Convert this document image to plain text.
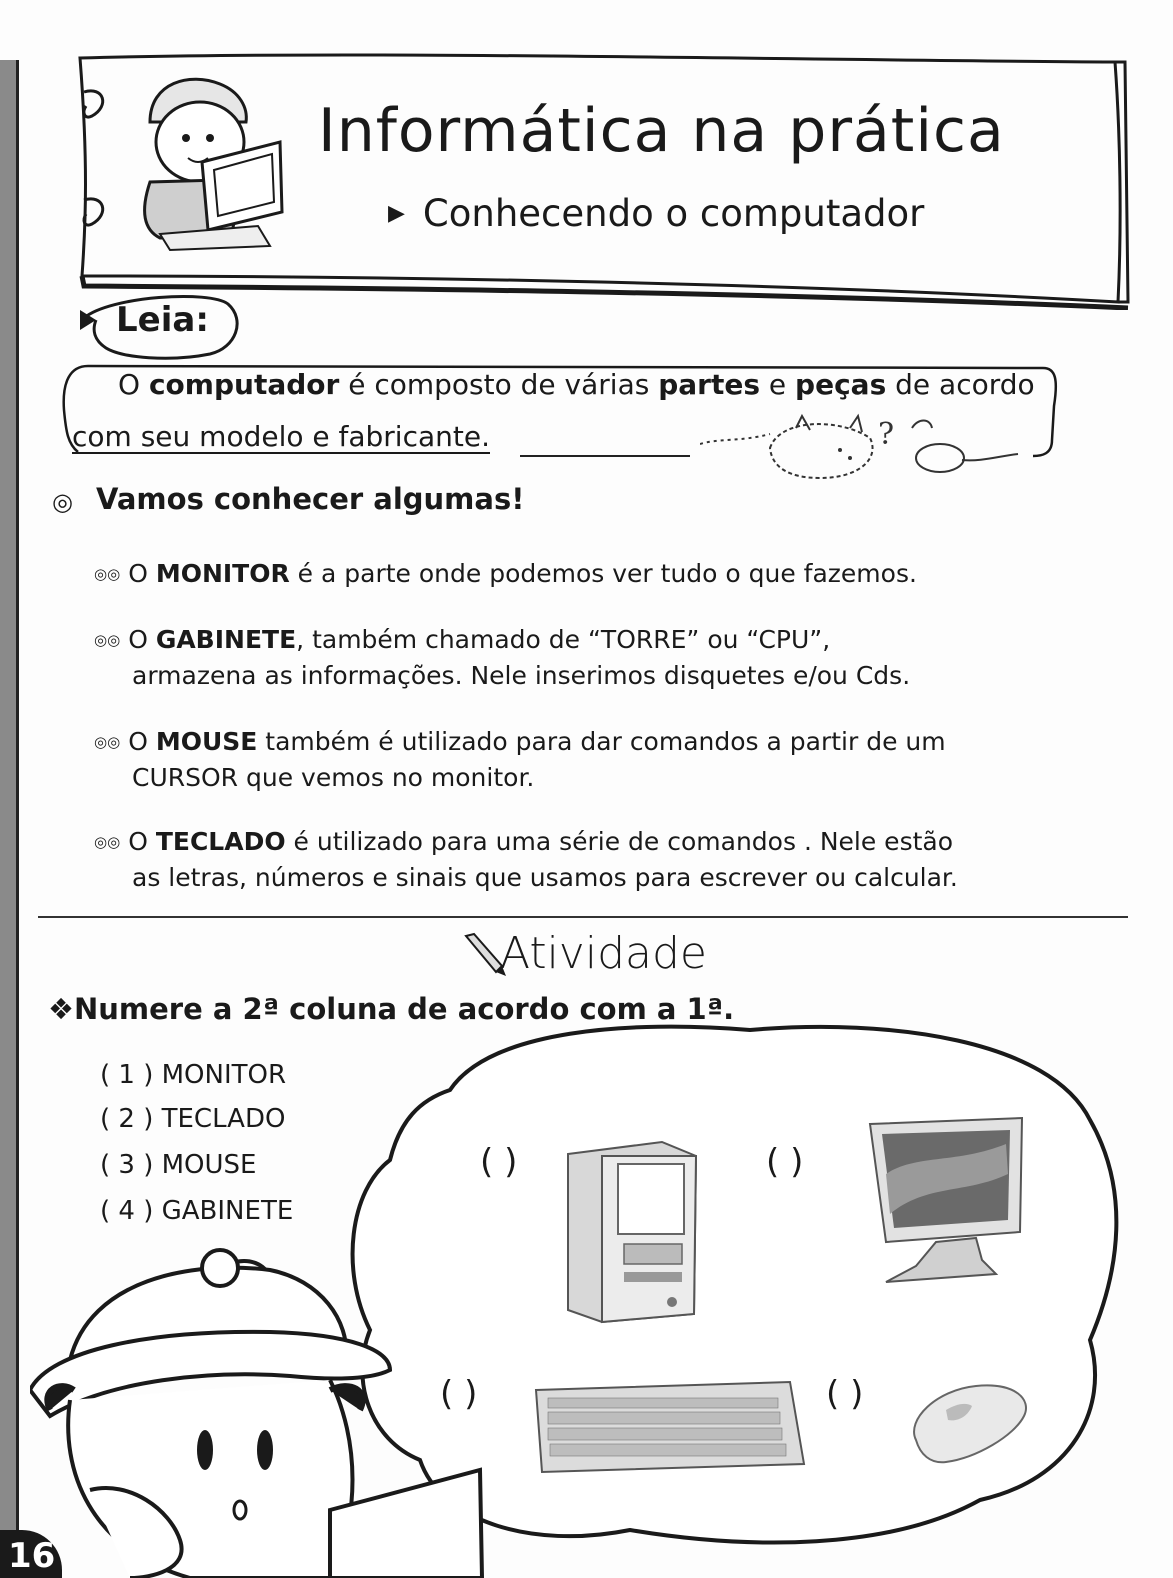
Informática na prática
▶ Conhecendo o computador
Leia:
O computador é composto de várias partes e peças de acordo
com seu modelo e fabricante.	?
◎ Vamos conhecer algumas!
◎◎ O MONITOR é a parte onde podemos ver tudo o que fazemos.
◎◎ O GABINETE, também chamado de “TORRE” ou “CPU”,
armazena as informações. Nele inserimos disquetes e/ou Cds.
◎◎ O MOUSE também é utilizado para dar comandos a partir de um
CURSOR que vemos no monitor.
◎◎ O TECLADO é utilizado para uma série de comandos . Nele estão
as letras, números e sinais que usamos para escrever ou calcular.
Atividade
❖Numere a 2ª coluna de acordo com a 1ª.
( 1 ) MONITOR
( 2 ) TECLADO
( 3 ) MOUSE
( 4 ) GABINETE
( )	( )
( )	( )
16
